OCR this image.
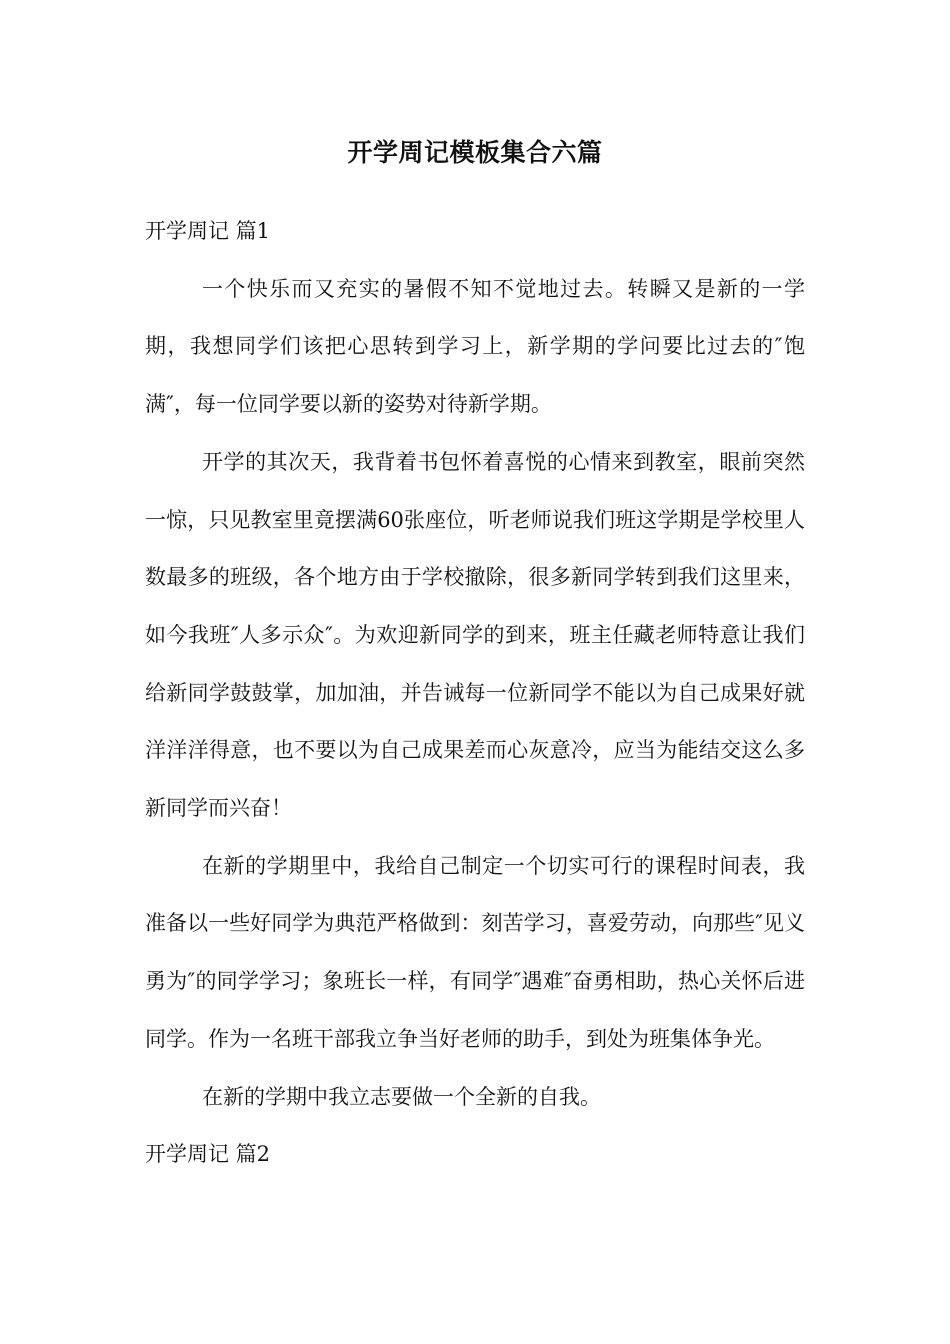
开学周记模板集合六篇

开学周记 篇1

一个快乐而又充实的暑假不知不觉地过去。转瞬又是新的一学期，我想同学们该把心思转到学习上，新学期的学问要比过去的″饱满″，每一位同学要以新的姿势对待新学期。

开学的其次天，我背着书包怀着喜悦的心情来到教室，眼前突然一惊，只见教室里竟摆满60张座位，听老师说我们班这学期是学校里人数最多的班级，各个地方由于学校撤除，很多新同学转到我们这里来，如今我班″人多示众″。为欢迎新同学的到来，班主任藏老师特意让我们给新同学鼓鼓掌，加加油，并告诫每一位新同学不能以为自己成果好就洋洋洋得意，也不要以为自己成果差而心灰意冷，应当为能结交这么多新同学而兴奋！

在新的学期里中，我给自己制定一个切实可行的课程时间表，我准备以一些好同学为典范严格做到：刻苦学习，喜爱劳动，向那些″见义勇为″的同学学习；象班长一样，有同学″遇难″奋勇相助，热心关怀后进同学。作为一名班干部我立争当好老师的助手，到处为班集体争光。

在新的学期中我立志要做一个全新的自我。

开学周记 篇2
